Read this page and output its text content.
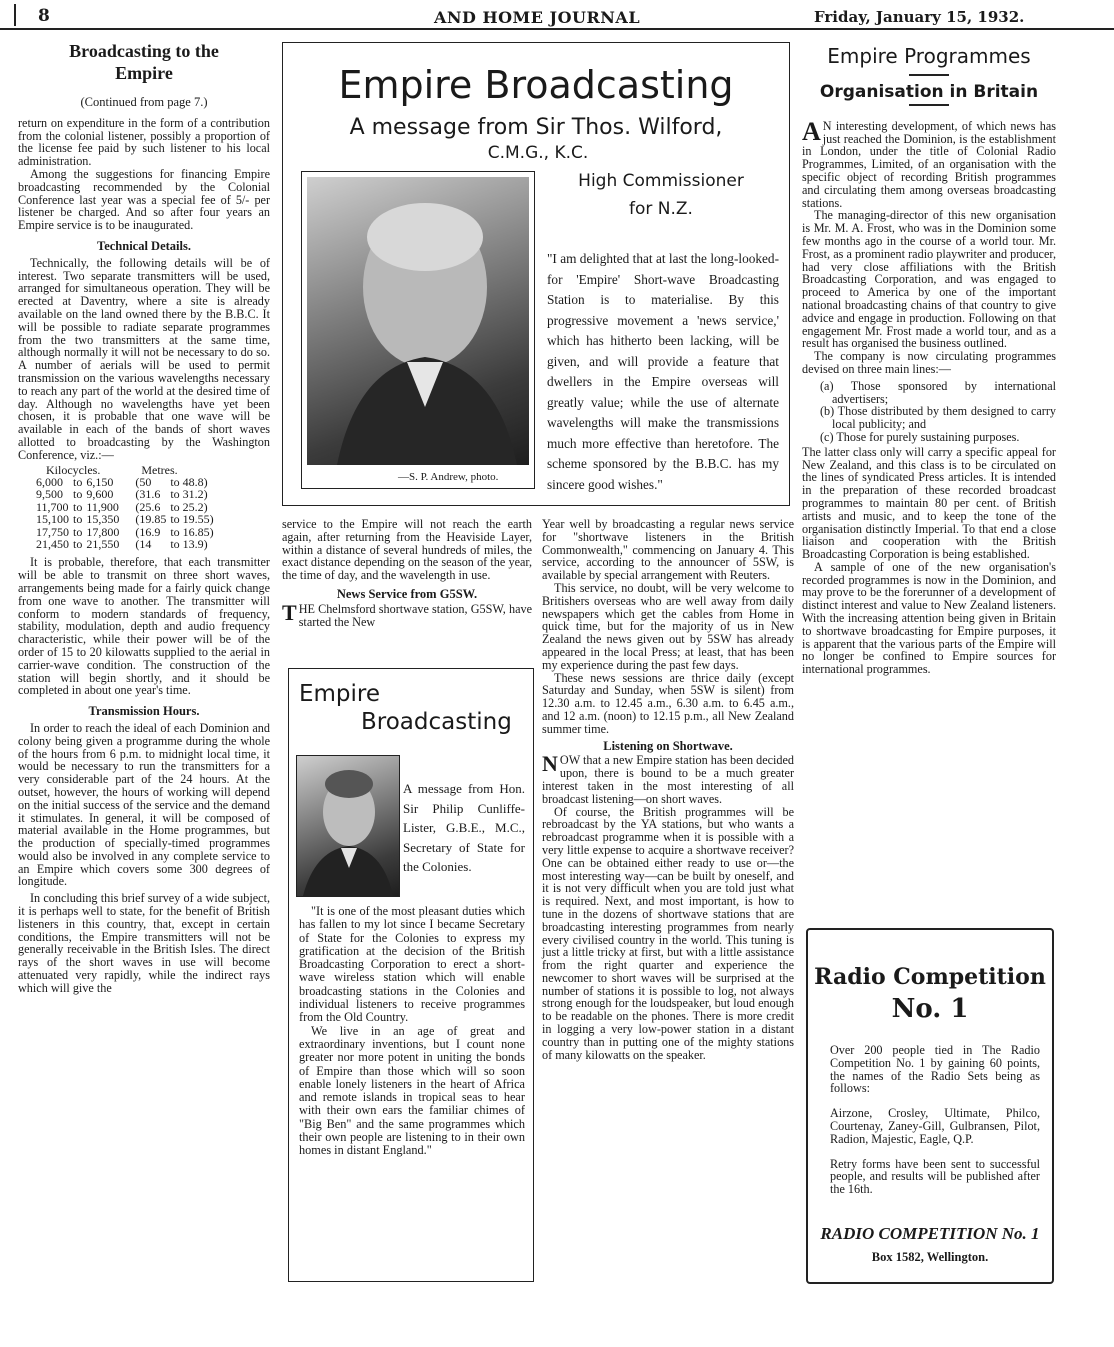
8	AND HOME JOURNAL	Friday, January 15, 1932.
Broadcasting to the
Empire
(Continued from page 7.)

return on expenditure in the form of a contribution from the colonial listener, possibly a proportion of the license fee paid by such listener to his local administration.

Among the suggestions for financing Empire broadcasting recommended by the Colonial Conference last year was a special fee of 5/- per listener be charged. And so after four years an Empire service is to be inaugurated.

Technical Details.

Technically, the following details will be of interest. Two separate transmitters will be used, arranged for simultaneous operation. They will be erected at Daventry, where a site is already available on the land owned there by the B.B.C. It will be possible to radiate separate programmes from the two transmitters at the same time, although normally it will not be necessary to do so. A number of aerials will be used to permit transmission on the various wavelengths necessary to reach any part of the world at the desired time of day. Although no wavelengths have yet been chosen, it is probable that one wave will be available in each of the bands of short waves allotted to broadcasting by the Washington Conference, viz.:—

Kilocycles.			Metres.	
6,000	to	6,150	(50	to 48.8)
9,500	to	9,600	(31.6	to 31.2)
11,700	to	11,900	(25.6	to 25.2)
15,100	to	15,350	(19.85	to 19.55)
17,750	to	17,800	(16.9	to 16.85)
21,450	to	21,550	(14	to 13.9)

It is probable, therefore, that each transmitter will be able to transmit on three short waves, arrangements being made for a fairly quick change from one wave to another. The transmitter will conform to modern standards of frequency, stability, modulation, depth and audio frequency characteristic, while their power will be of the order of 15 to 20 kilowatts supplied to the aerial in carrier-wave condition. The construction of the station will begin shortly, and it should be completed in about one year's time.

Transmission Hours.

In order to reach the ideal of each Dominion and colony being given a programme during the whole of the hours from 6 p.m. to midnight local time, it would be necessary to run the transmitters for a very considerable part of the 24 hours. At the outset, however, the hours of working will depend on the initial success of the service and the demand it stimulates. In general, it will be composed of material available in the Home programmes, but the production of specially-timed programmes would also be involved in any complete service to an Empire which covers some 300 degrees of longitude.

In concluding this brief survey of a wide subject, it is perhaps well to state, for the benefit of British listeners in this country, that, except in certain conditions, the Empire transmitters will not be generally receivable in the British Isles. The direct rays of the short waves in use will become attenuated very rapidly, while the indirect rays which will give the

Empire Broadcasting
A message from Sir Thos. Wilford,
C.M.G., K.C.
High Commissioner
for N.Z.
—S. P. Andrew, photo.
"I am delighted that at last the long-looked-for 'Empire' Short-wave Broadcasting Station is to materialise. By this progressive movement a 'news service,' which has hitherto been lacking, will be given, and will provide a feature that dwellers in the Empire overseas will greatly value; while the use of alternate wavelengths will make the transmissions much more effective than heretofore. The scheme sponsored by the B.B.C. has my sincere good wishes."

service to the Empire will not reach the earth again, after returning from the Heaviside Layer, within a distance of several hundreds of miles, the exact distance depending on the season of the year, the time of day, and the wavelength in use.

News Service from G5SW.
THE Chelmsford shortwave station, G5SW, have started the New
Empire
Broadcasting
A message from Hon. Sir Philip Cunliffe-Lister, G.B.E., M.C., Secretary of State for the Colonies.

"It is one of the most pleasant duties which has fallen to my lot since I became Secretary of State for the Colonies to express my gratification at the decision of the British Broadcasting Corporation to erect a short-wave wireless station which will enable broadcasting stations in the Colonies and individual listeners to receive programmes from the Old Country.

We live in an age of great and extraordinary inventions, but I count none greater nor more potent in uniting the bonds of Empire than those which will so soon enable lonely listeners in the heart of Africa and remote islands in tropical seas to hear with their own ears the familiar chimes of "Big Ben" and the same programmes which their own people are listening to in their own homes in distant England."

Year well by broadcasting a regular news service for "shortwave listeners in the British Commonwealth," commencing on January 4. This service, according to the announcer of 5SW, is available by special arrangement with Reuters.

This service, no doubt, will be very welcome to Britishers overseas who are well away from daily newspapers which get the cables from Home in quick time, but for the majority of us in New Zealand the news given out by 5SW has already appeared in the local Press; at least, that has been my experience during the past few days.

These news sessions are thrice daily (except Saturday and Sunday, when 5SW is silent) from 12.30 a.m. to 12.45 a.m., 6.30 a.m. to 6.45 a.m., and 12 a.m. (noon) to 12.15 p.m., all New Zealand summer time.

Listening on Shortwave.
NOW that a new Empire station has been decided upon, there is bound to be a much greater interest taken in the most interesting of all broadcast listening—on short waves.

Of course, the British programmes will be rebroadcast by the YA stations, but who wants a rebroadcast programme when it is possible with a very little expense to acquire a shortwave receiver? One can be obtained either ready to use or—the most interesting way—can be built by oneself, and it is not very difficult when you are told just what is required. Next, and most important, is how to tune in the dozens of shortwave stations that are broadcasting interesting programmes from nearly every civilised country in the world. This tuning is just a little tricky at first, but with a little assistance from the right quarter and experience the newcomer to short waves will be surprised at the number of stations it is possible to log, not always strong enough for the loudspeaker, but loud enough to be readable on the phones. There is more credit in logging a very low-power station in a distant country than in putting one of the mighty stations of many kilowatts on the speaker.

Empire Programmes
Organisation in Britain
A N interesting development, of which news has just reached the Dominion, is the establishment in London, under the title of Colonial Radio Programmes, Limited, of an organisation with the specific object of recording British programmes and circulating them among overseas broadcasting stations.

The managing-director of this new organisation is Mr. M. A. Frost, who was in the Dominion some few months ago in the course of a world tour. Mr. Frost, as a prominent radio playwriter and producer, had very close affiliations with the British Broadcasting Corporation, and was engaged to proceed to America by one of the important national broadcasting chains of that country to give advice and engage in production. Following on that engagement Mr. Frost made a world tour, and as a result has organised the business outlined.

The company is now circulating programmes devised on three main lines:—

(a) Those sponsored by international advertisers;
(b) Those distributed by them designed to carry local publicity; and
(c) Those for purely sustaining purposes.

The latter class only will carry a specific appeal for New Zealand, and this class is to be circulated on the lines of syndicated Press articles. It is intended in the preparation of these recorded broadcast programmes to maintain 80 per cent. of British artists and music, and to keep the tone of the organisation distinctly Imperial. To that end a close liaison and cooperation with the British Broadcasting Corporation is being established.

A sample of one of the new organisation's recorded programmes is now in the Dominion, and may prove to be the forerunner of a development of distinct interest and value to New Zealand listeners. With the increasing attention being given in Britain to shortwave broadcasting for Empire purposes, it is apparent that the various parts of the Empire will no longer be confined to Empire sources for international programmes.

Radio Competition
No. 1

Over 200 people tied in The Radio Competition No. 1 by gaining 60 points, the names of the Radio Sets being as follows:

Airzone, Crosley, Ultimate, Philco, Courtenay, Zaney-Gill, Gulbransen, Pilot, Radion, Majestic, Eagle, Q.P.

Retry forms have been sent to successful people, and results will be published after the 16th.

RADIO COMPETITION No. 1
Box 1582, Wellington.
